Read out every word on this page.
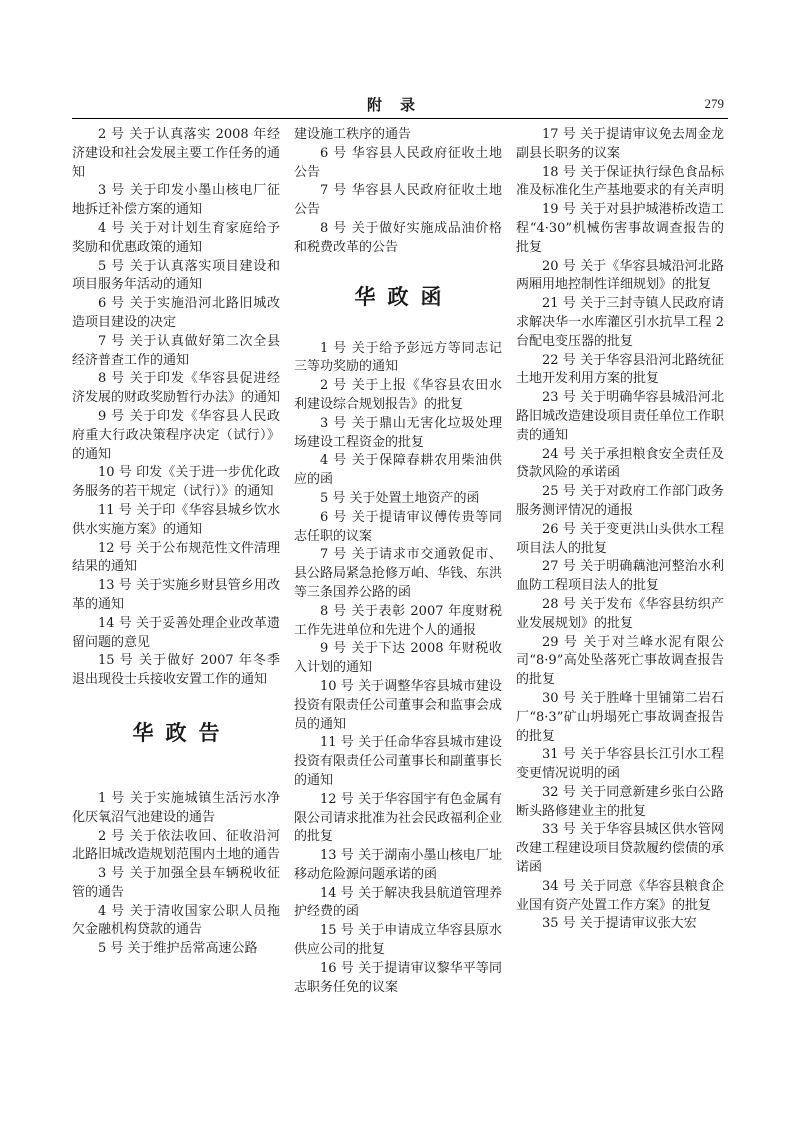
附录	279
2 号 关于认真落实 2008 年经济建设和社会发展主要工作任务的通知
3 号 关于印发小墨山核电厂征地拆迁补偿方案的通知
4 号 关于对计划生育家庭给予奖励和优惠政策的通知
5 号 关于认真落实项目建设和项目服务年活动的通知
6 号 关于实施沿河北路旧城改造项目建设的决定
7 号 关于认真做好第二次全县经济普查工作的通知
8 号 关于印发《华容县促进经济发展的财政奖励暂行办法》的通知
9 号 关于印发《华容县人民政府重大行政决策程序决定（试行）》的通知
10 号 印发《关于进一步优化政务服务的若干规定（试行）》的通知
11 号 关于印《华容县城乡饮水供水实施方案》的通知
12 号 关于公布规范性文件清理结果的通知
13 号 关于实施乡财县管乡用改革的通知
14 号 关于妥善处理企业改革遗留问题的意见
15 号 关于做好 2007 年冬季退出现役士兵接收安置工作的通知
华政告
1 号 关于实施城镇生活污水净化厌氧沼气池建设的通告
2 号 关于依法收回、征收沿河北路旧城改造规划范围内土地的通告
3 号 关于加强全县车辆税收征管的通告
4 号 关于清收国家公职人员拖欠金融机构贷款的通告
5 号 关于维护岳常高速公路
建设施工秩序的通告
6 号 华容县人民政府征收土地公告
7 号 华容县人民政府征收土地公告
8 号 关于做好实施成品油价格和税费改革的公告
华政函
1 号 关于给予彭远方等同志记三等功奖励的通知
2 号 关于上报《华容县农田水利建设综合规划报告》的批复
3 号 关于鼎山无害化垃圾处理场建设工程资金的批复
4 号 关于保障春耕农用柴油供应的函
5 号 关于处置土地资产的函
6 号 关于提请审议傅传贵等同志任职的议案
7 号 关于请求市交通敦促市、县公路局紧急抢修万岶、华钱、东洪等三条国养公路的函
8 号 关于表彰 2007 年度财税工作先进单位和先进个人的通报
9 号 关于下达 2008 年财税收入计划的通知
10 号 关于调整华容县城市建设投资有限责任公司董事会和监事会成员的通知
11 号 关于任命华容县城市建设投资有限责任公司董事长和副董事长的通知
12 号 关于华容国宇有色金属有限公司请求批准为社会民政福利企业的批复
13 号 关于湖南小墨山核电厂址移动危险源问题承诺的函
14 号 关于解决我县航道管理养护经费的函
15 号 关于申请成立华容县原水供应公司的批复
16 号 关于提请审议黎华平等同志职务任免的议案
17 号 关于提请审议免去周金龙副县长职务的议案
18 号 关于保证执行绿色食品标准及标准化生产基地要求的有关声明
19 号 关于对县护城港桥改造工程“4·30”机械伤害事故调查报告的批复
20 号 关于《华容县城沿河北路两厢用地控制性详细规划》的批复
21 号 关于三封寺镇人民政府请求解决华一水库灌区引水抗旱工程 2 台配电变压器的批复
22 号 关于华容县沿河北路统征土地开发利用方案的批复
23 号 关于明确华容县城沿河北路旧城改造建设项目责任单位工作职责的通知
24 号 关于承担粮食安全责任及贷款风险的承诺函
25 号 关于对政府工作部门政务服务测评情况的通报
26 号 关于变更洪山头供水工程项目法人的批复
27 号 关于明确藕池河整治水利血防工程项目法人的批复
28 号 关于发布《华容县纺织产业发展规划》的批复
29 号 关于对兰峰水泥有限公司“8·9”高处坠落死亡事故调查报告的批复
30 号 关于胜峰十里铺第二岩石厂“8·3”矿山坍塌死亡事故调查报告的批复
31 号 关于华容县长江引水工程变更情况说明的函
32 号 关于同意新建乡张白公路断头路修建业主的批复
33 号 关于华容县城区供水管网改建工程建设项目贷款履约偿债的承诺函
34 号 关于同意《华容县粮食企业国有资产处置工作方案》的批复
35 号 关于提请审议张大宏
